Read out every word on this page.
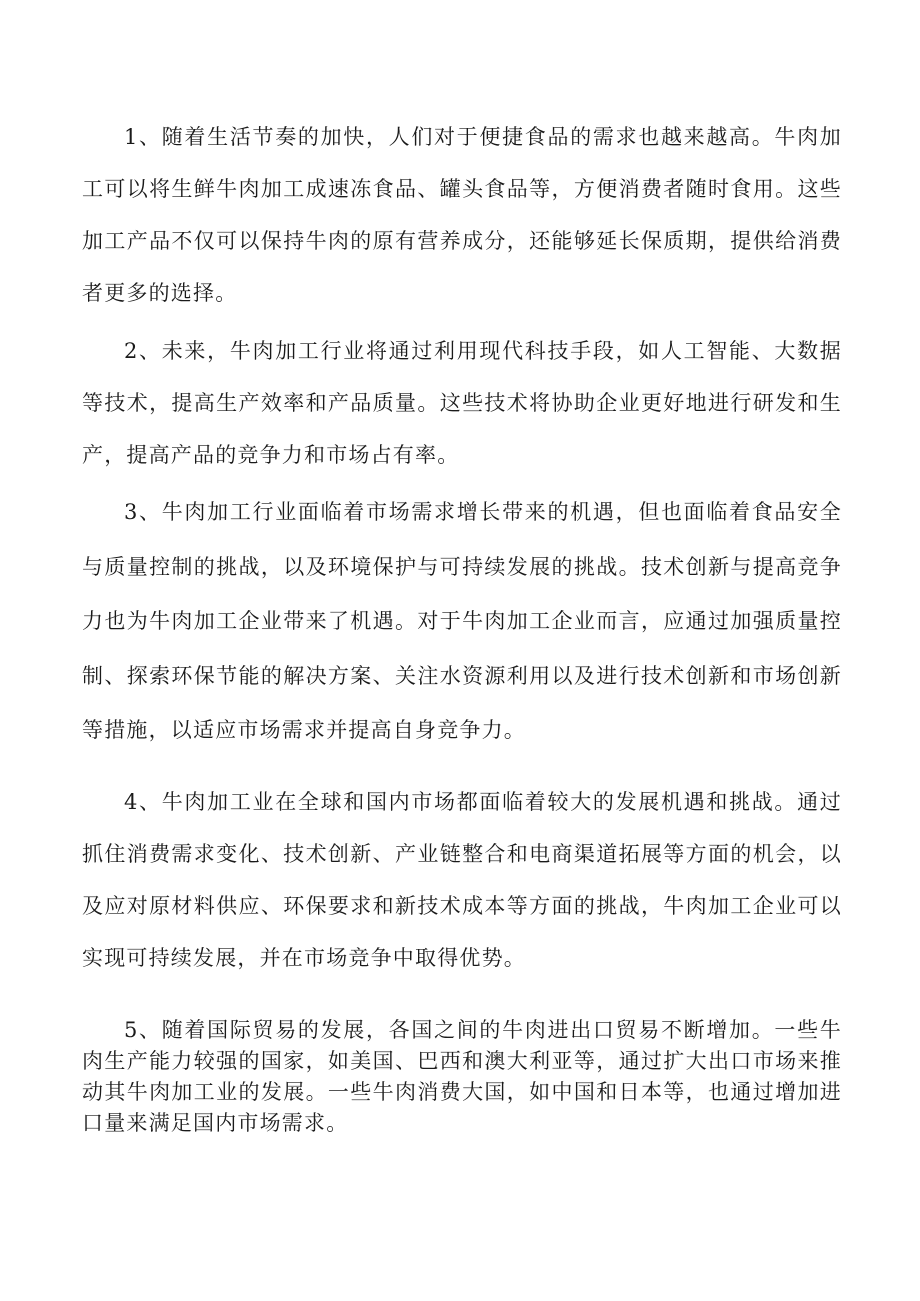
1、随着生活节奏的加快，人们对于便捷食品的需求也越来越高。牛肉加工可以将生鲜牛肉加工成速冻食品、罐头食品等，方便消费者随时食用。这些加工产品不仅可以保持牛肉的原有营养成分，还能够延长保质期，提供给消费者更多的选择。

2、未来，牛肉加工行业将通过利用现代科技手段，如人工智能、大数据等技术，提高生产效率和产品质量。这些技术将协助企业更好地进行研发和生产，提高产品的竞争力和市场占有率。

3、牛肉加工行业面临着市场需求增长带来的机遇，但也面临着食品安全与质量控制的挑战，以及环境保护与可持续发展的挑战。技术创新与提高竞争力也为牛肉加工企业带来了机遇。对于牛肉加工企业而言，应通过加强质量控制、探索环保节能的解决方案、关注水资源利用以及进行技术创新和市场创新等措施，以适应市场需求并提高自身竞争力。

4、牛肉加工业在全球和国内市场都面临着较大的发展机遇和挑战。通过抓住消费需求变化、技术创新、产业链整合和电商渠道拓展等方面的机会，以及应对原材料供应、环保要求和新技术成本等方面的挑战，牛肉加工企业可以实现可持续发展，并在市场竞争中取得优势。

5、随着国际贸易的发展，各国之间的牛肉进出口贸易不断增加。一些牛肉生产能力较强的国家，如美国、巴西和澳大利亚等，通过扩大出口市场来推动其牛肉加工业的发展。一些牛肉消费大国，如中国和日本等，也通过增加进口量来满足国内市场需求。
